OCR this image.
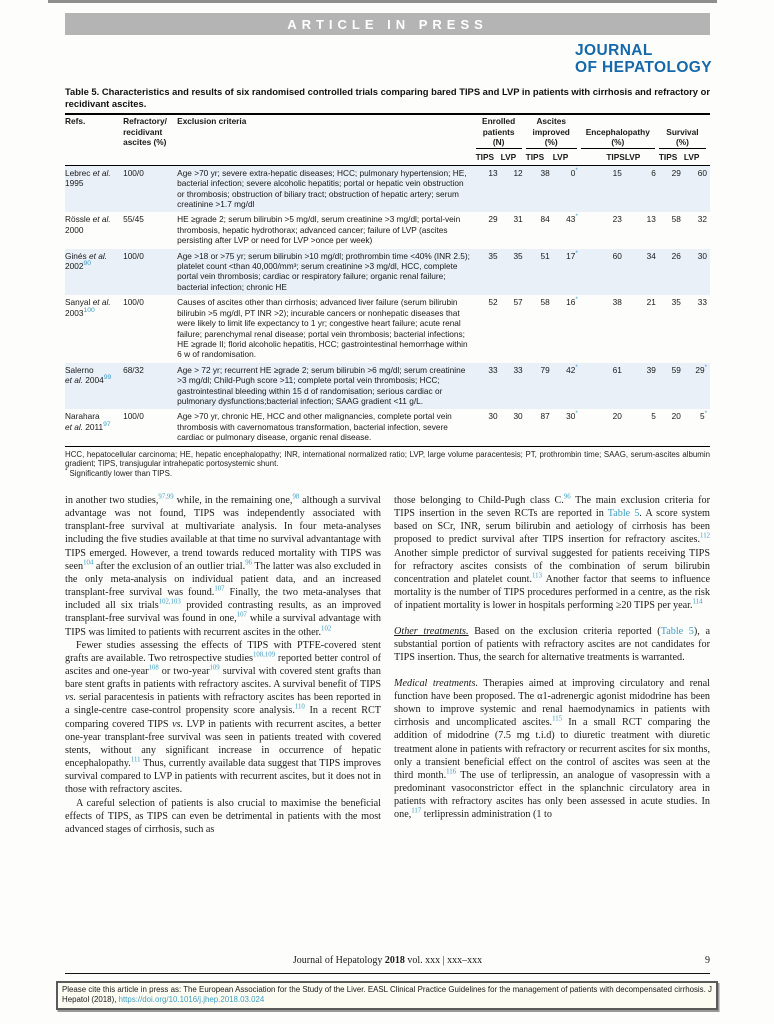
ARTICLE IN PRESS
JOURNAL
OF HEPATOLOGY
Table 5. Characteristics and results of six randomised controlled trials comparing bared TIPS and LVP in patients with cirrhosis and refractory or recidivant ascites.
Refs.	Refractory/
recidivant
ascites (%)	Exclusion criteria	Enrolled
patients
(N)		Ascites
improved
(%)		Encephalopathy
(%)		Survival
(%)	

			TIPS	LVP	TIPS	LVP	TIPS	LVP	TIPS	LVP
Lebrec et al.
1995	100/0	Age >70 yr; severe extra-hepatic diseases; HCC; pulmonary hypertension; HE, bacterial infection; severe alcoholic hepatitis; portal or hepatic vein obstruction or thrombosis; obstruction of biliary tract; obstruction of hepatic artery; serum creatinine >1.7 mg/dl	13	12	38	0*	15	6	29	60
Rössle et al.
2000	55/45	HE ≥grade 2; serum bilirubin >5 mg/dl, serum creatinine >3 mg/dl; portal-vein thrombosis, hepatic hydrothorax; advanced cancer; failure of LVP (ascites persisting after LVP or need for LVP >once per week)	29	31	84	43*	23	13	58	32
Ginés et al.
2002$^{90}$	100/0	Age >18 or >75 yr; serum bilirubin >10 mg/dl; prothrombin time <40% (INR 2.5); platelet count <than 40,000/mm³; serum creatinine >3 mg/dl, HCC, complete portal vein thrombosis; cardiac or respiratory failure; organic renal failure; bacterial infection; chronic HE	35	35	51	17*	60	34	26	30
Sanyal et al.
2003$^{100}$	100/0	Causes of ascites other than cirrhosis; advanced liver failure (serum bilirubin bilirubin >5 mg/dl, PT INR >2); incurable cancers or nonhepatic diseases that were likely to limit life expectancy to 1 yr; congestive heart failure; acute renal failure; parenchymal renal disease; portal vein thrombosis; bacterial infections; HE ≥grade II; florid alcoholic hepatitis, HCC; gastrointestinal hemorrhage within 6 w of randomisation.	52	57	58	16*	38	21	35	33
Salerno
et al. 2004$^{99}$	68/32	Age > 72 yr; recurrent HE ≥grade 2; serum bilirubin >6 mg/dl; serum creatinine >3 mg/dl; Child-Pugh score >11; complete portal vein thrombosis; HCC; gastrointestinal bleeding within 15 d of randomisation; serious cardiac or pulmonary dysfunctions;bacterial infection; SAAG gradient <11 g/L.	33	33	79	42*	61	39	59	29*
Narahara
et al. 2011$^{97}$	100/0	Age >70 yr, chronic HE, HCC and other malignancies, complete portal vein thrombosis with cavernomatous transformation, bacterial infection, severe cardiac or pulmonary disease, organic renal disease.	30	30	87	30*	20	5	20	5*

HCC, hepatocellular carcinoma; HE, hepatic encephalopathy; INR, international normalized ratio; LVP, large volume paracentesis; PT, prothrombin time; SAAG, serum-ascites albumin gradient; TIPS, transjugular intrahepatic portosystemic shunt.

* Significantly lower than TIPS.

in another two studies,$^{97,99}$ while, in the remaining one,$^{98}$ although a survival advantage was not found, TIPS was independently associated with transplant-free survival at multivariate analysis. In four meta-analyses including the five studies available at that time no survival advantantage with TIPS emerged. However, a trend towards reduced mortality with TIPS was seen$^{104}$ after the exclusion of an outlier trial.$^{96}$ The latter was also excluded in the only meta-analysis on individual patient data, and an increased transplant-free survival was found.$^{107}$ Finally, the two meta-analyses that included all six trials$^{102,103}$ provided contrasting results, as an improved transplant-free survival was found in one,$^{107}$ while a survival advantage with TIPS was limited to patients with recurrent ascites in the other.$^{102}$

Fewer studies assessing the effects of TIPS with PTFE-covered stent grafts are available. Two retrospective studies$^{108,109}$ reported better control of ascites and one-year$^{108}$ or two-year$^{109}$ survival with covered stent grafts than bare stent grafts in patients with refractory ascites. A survival benefit of TIPS vs. serial paracentesis in patients with refractory ascites has been reported in a single-centre case-control propensity score analysis.$^{110}$ In a recent RCT comparing covered TIPS vs. LVP in patients with recurrent ascites, a better one-year transplant-free survival was seen in patients treated with covered stents, without any significant increase in occurrence of hepatic encephalopathy.$^{111}$ Thus, currently available data suggest that TIPS improves survival compared to LVP in patients with recurrent ascites, but it does not in those with refractory ascites.

A careful selection of patients is also crucial to maximise the beneficial effects of TIPS, as TIPS can even be detrimental in patients with the most advanced stages of cirrhosis, such as

those belonging to Child-Pugh class C.$^{96}$ The main exclusion criteria for TIPS insertion in the seven RCTs are reported in Table 5. A score system based on SCr, INR, serum bilirubin and aetiology of cirrhosis has been proposed to predict survival after TIPS insertion for refractory ascites.$^{112}$ Another simple predictor of survival suggested for patients receiving TIPS for refractory ascites consists of the combination of serum bilirubin concentration and platelet count.$^{113}$ Another factor that seems to influence mortality is the number of TIPS procedures performed in a centre, as the risk of inpatient mortality is lower in hospitals performing ≥20 TIPS per year.$^{114}$

Other treatments. Based on the exclusion criteria reported (Table 5), a substantial portion of patients with refractory ascites are not candidates for TIPS insertion. Thus, the search for alternative treatments is warranted.

Medical treatments. Therapies aimed at improving circulatory and renal function have been proposed. The α1-adrenergic agonist midodrine has been shown to improve systemic and renal haemodynamics in patients with cirrhosis and uncomplicated ascites.$^{115}$ In a small RCT comparing the addition of midodrine (7.5 mg t.i.d) to diuretic treatment with diuretic treatment alone in patients with refractory or recurrent ascites for six months, only a transient beneficial effect on the control of ascites was seen at the third month.$^{116}$ The use of terlipressin, an analogue of vasopressin with a predominant vasoconstrictor effect in the splanchnic circulatory area in patients with refractory ascites has only been assessed in acute studies. In one,$^{117}$ terlipressin administration (1 to

Journal of Hepatology 2018 vol. xxx | xxx–xxx	9
Please cite this article in press as: The European Association for the Study of the Liver. EASL Clinical Practice Guidelines for the management of patients with decompensated cirrhosis. J Hepatol (2018), https://doi.org/10.1016/j.jhep.2018.03.024
